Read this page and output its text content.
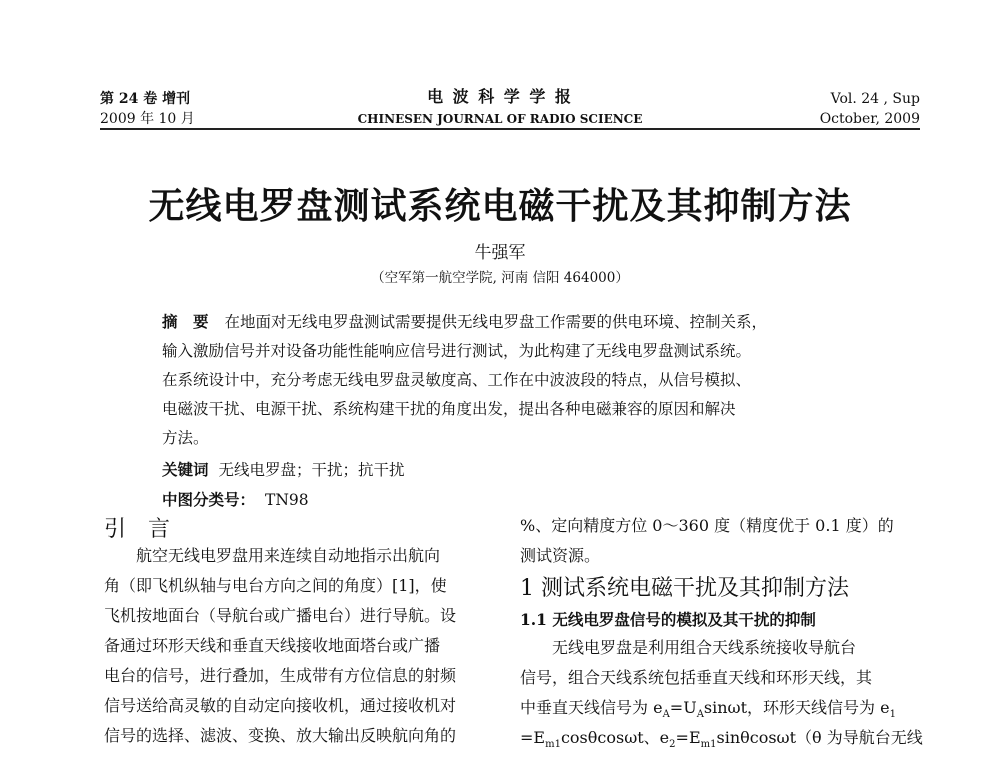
第 24 卷 增刊
2009 年 10 月
电 波 科 学 学 报
CHINESEN JOURNAL OF RADIO SCIENCE
Vol. 24 , Sup
October, 2009
无线电罗盘测试系统电磁干扰及其抑制方法
牛强军
（空军第一航空学院, 河南 信阳 464000）
摘　要 在地面对无线电罗盘测试需要提供无线电罗盘工作需要的供电环境、控制关系，
输入激励信号并对设备功能性能响应信号进行测试，为此构建了无线电罗盘测试系统。
在系统设计中，充分考虑无线电罗盘灵敏度高、工作在中波波段的特点，从信号模拟、
电磁波干扰、电源干扰、系统构建干扰的角度出发，提出各种电磁兼容的原因和解决
方法。
关键词 无线电罗盘；干扰；抗干扰
中图分类号： TN98
引　言
　　航空无线电罗盘用来连续自动地指示出航向
角（即飞机纵轴与电台方向之间的角度）[1]，使
飞机按地面台（导航台或广播电台）进行导航。设
备通过环形天线和垂直天线接收地面塔台或广播
电台的信号，进行叠加，生成带有方位信息的射频
信号送给高灵敏的自动定向接收机，通过接收机对
信号的选择、滤波、变换、放大输出反映航向角的
%、定向精度方位 0～360 度（精度优于 0.1 度）的
测试资源。
1 测试系统电磁干扰及其抑制方法
1.1 无线电罗盘信号的模拟及其干扰的抑制
　　无线电罗盘是利用组合天线系统接收导航台
信号，组合天线系统包括垂直天线和环形天线，其
中垂直天线信号为 $e_A=U_A\sin\omega t$，环形天线信号为 $e_1$
$=E_{m1}\cos\theta\cos\omega t$、$e_2=E_{m1}\sin\theta\cos\omega t(\theta$ 为导航台无线
